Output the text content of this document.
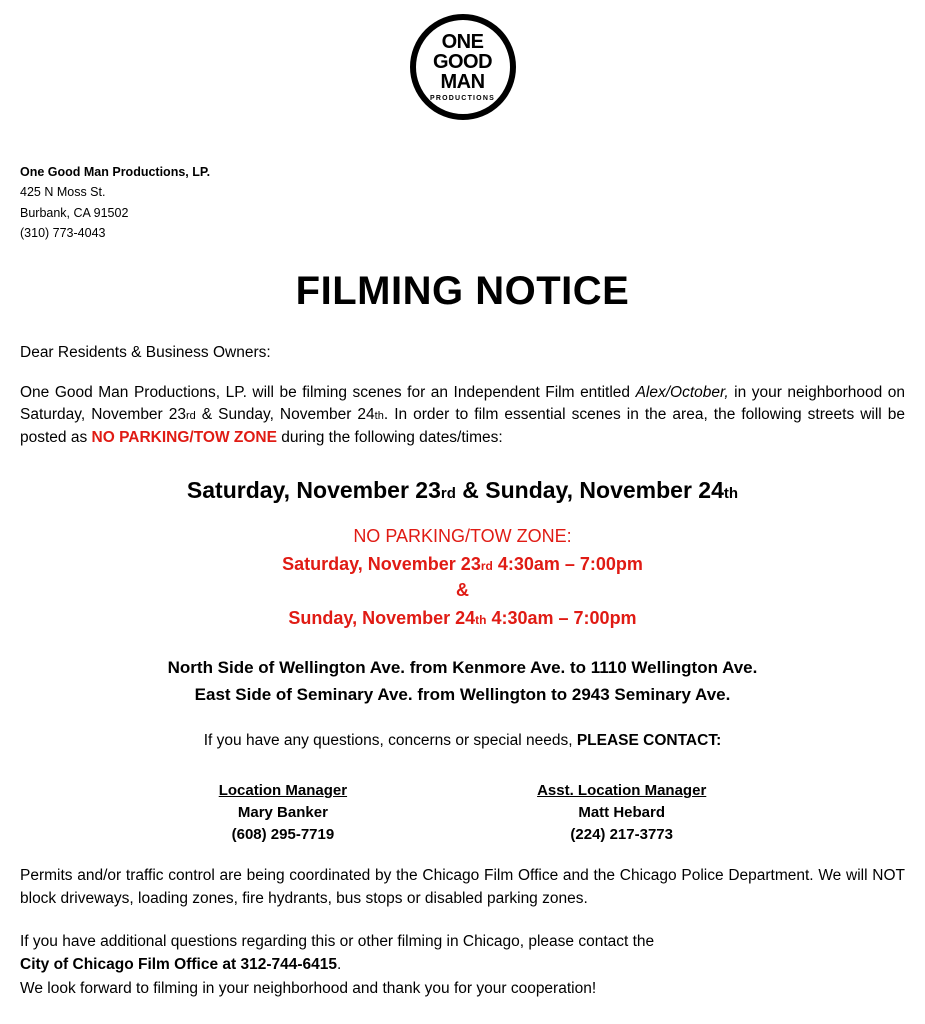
ONE
GOOD
MAN
PRODUCTIONS
One Good Man Productions, LP.
425 N Moss St.
Burbank, CA 91502
(310) 773-4043
FILMING NOTICE
Dear Residents & Business Owners:
One Good Man Productions, LP. will be filming scenes for an Independent Film entitled Alex/October, in your neighborhood on Saturday, November 23rd & Sunday, November 24th. In order to film essential scenes in the area, the following streets will be posted as NO PARKING/TOW ZONE during the following dates/times:
Saturday, November 23rd & Sunday, November 24th
NO PARKING/TOW ZONE:
Saturday, November 23rd 4:30am – 7:00pm
&
Sunday, November 24th 4:30am – 7:00pm
North Side of Wellington Ave. from Kenmore Ave. to 1110 Wellington Ave.
East Side of Seminary Ave. from Wellington to 2943 Seminary Ave.
If you have any questions, concerns or special needs, PLEASE CONTACT:
Location Manager
Mary Banker
(608) 295-7719
Asst. Location Manager
Matt Hebard
(224) 217-3773
Permits and/or traffic control are being coordinated by the Chicago Film Office and the Chicago Police Department. We will NOT block driveways, loading zones, fire hydrants, bus stops or disabled parking zones.
If you have additional questions regarding this or other filming in Chicago, please contact the
City of Chicago Film Office at 312-744-6415.
We look forward to filming in your neighborhood and thank you for your cooperation!
